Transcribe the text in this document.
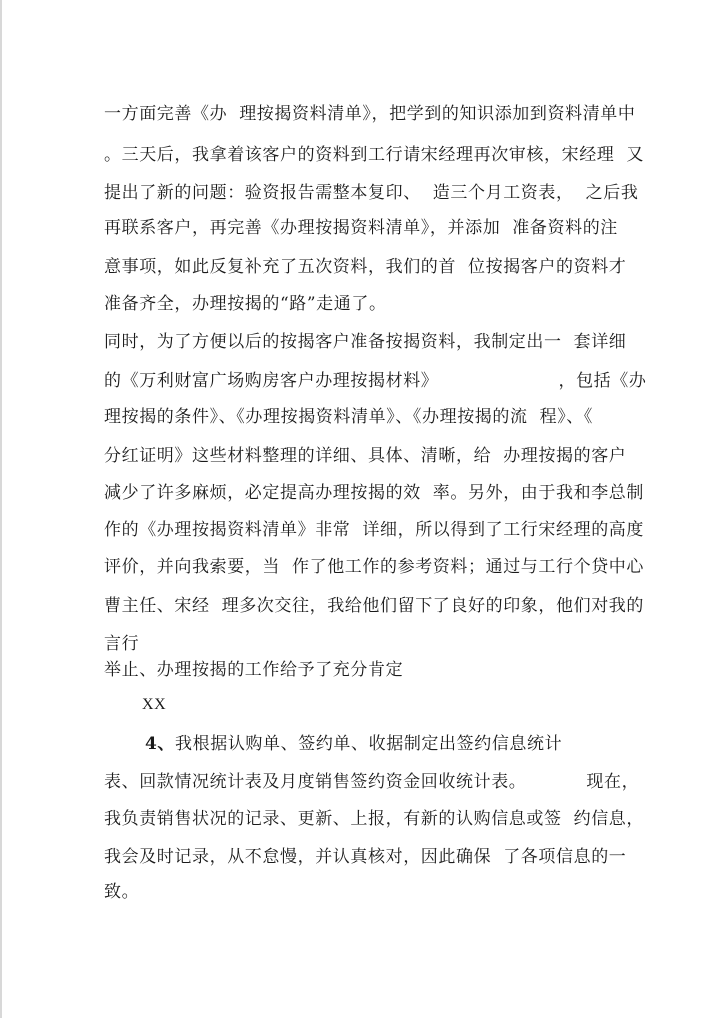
一方面完善《办  理按揭资料清单》，把学到的知识添加到资料清单中
。三天后，我拿着该客户的资料到工行请宋经理再次审核，宋经理  又
提出了新的问题：验资报告需整本复印、  造三个月工资表，  之后我
再联系客户，再完善《办理按揭资料清单》，并添加  准备资料的注
意事项，如此反复补充了五次资料，我们的首  位按揭客户的资料才
准备齐全，办理按揭的“路”走通了。
同时，为了方便以后的按揭客户准备按揭资料，我制定出一  套详细
的《万利财富广场购房客户办理按揭材料》                    ，包括《办
理按揭的条件》、《办理按揭资料清单》、《办理按揭的流  程》、《
分红证明》这些材料整理的详细、具体、清晰，给  办理按揭的客户
减少了许多麻烦，必定提高办理按揭的效  率。另外，由于我和李总制
作的《办理按揭资料清单》非常  详细，所以得到了工行宋经理的高度
评价，并向我索要，当  作了他工作的参考资料；通过与工行个贷中心
曹主任、宋经  理多次交往，我给他们留下了良好的印象，他们对我的
言行
举止、办理按揭的工作给予了充分肯定
XX
4、我根据认购单、签约单、收据制定出签约信息统计
表、回款情况统计表及月度销售签约资金回收统计表。          现在，
我负责销售状况的记录、更新、上报，有新的认购信息或签  约信息，
我会及时记录，从不怠慢，并认真核对，因此确保  了各项信息的一
致。
